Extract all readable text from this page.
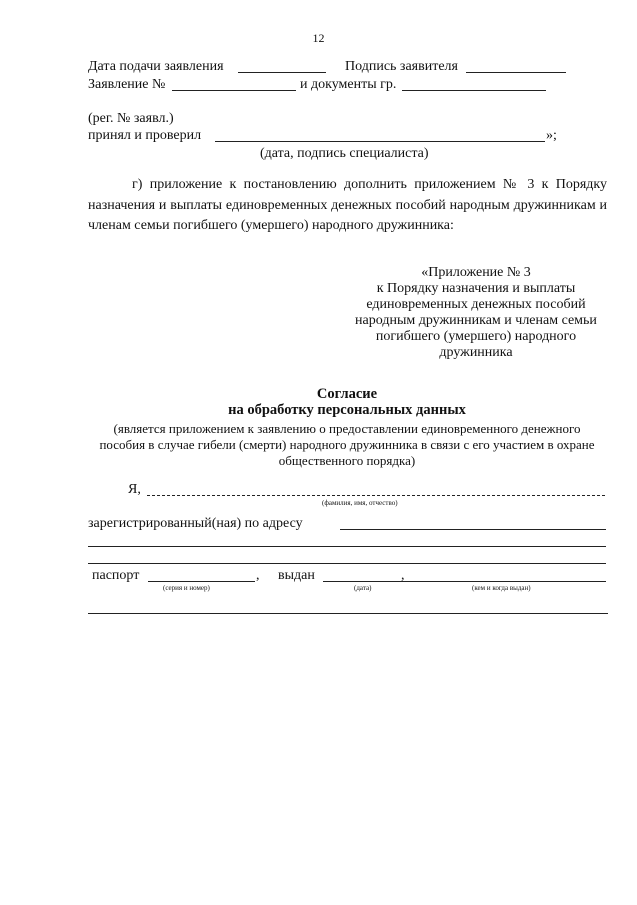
12
Дата подачи заявления	Подпись заявителя
Заявление №	и документы гр.
(рег. № заявл.)
принял и проверил	»;
(дата, подпись специалиста)
г) приложение к постановлению дополнить приложением № 3 к Порядку назначения и выплаты единовременных денежных пособий народным дружинникам и членам семьи погибшего (умершего) народного дружинника:
«Приложение № 3
к Порядку назначения и выплаты
единовременных денежных пособий
народным дружинникам и членам семьи
погибшего (умершего) народного
дружинника
Согласие
на обработку персональных данных
(является приложением к заявлению о предоставлении единовременного денежного
пособия в случае гибели (смерти) народного дружинника в связи с его участием в охране
общественного порядка)
Я,
(фамилия, имя, отчество)
зарегистрированный(ная) по адресу
паспорт	, выдан	,
(серия и номер)	(дата)	(кем и когда выдан)
